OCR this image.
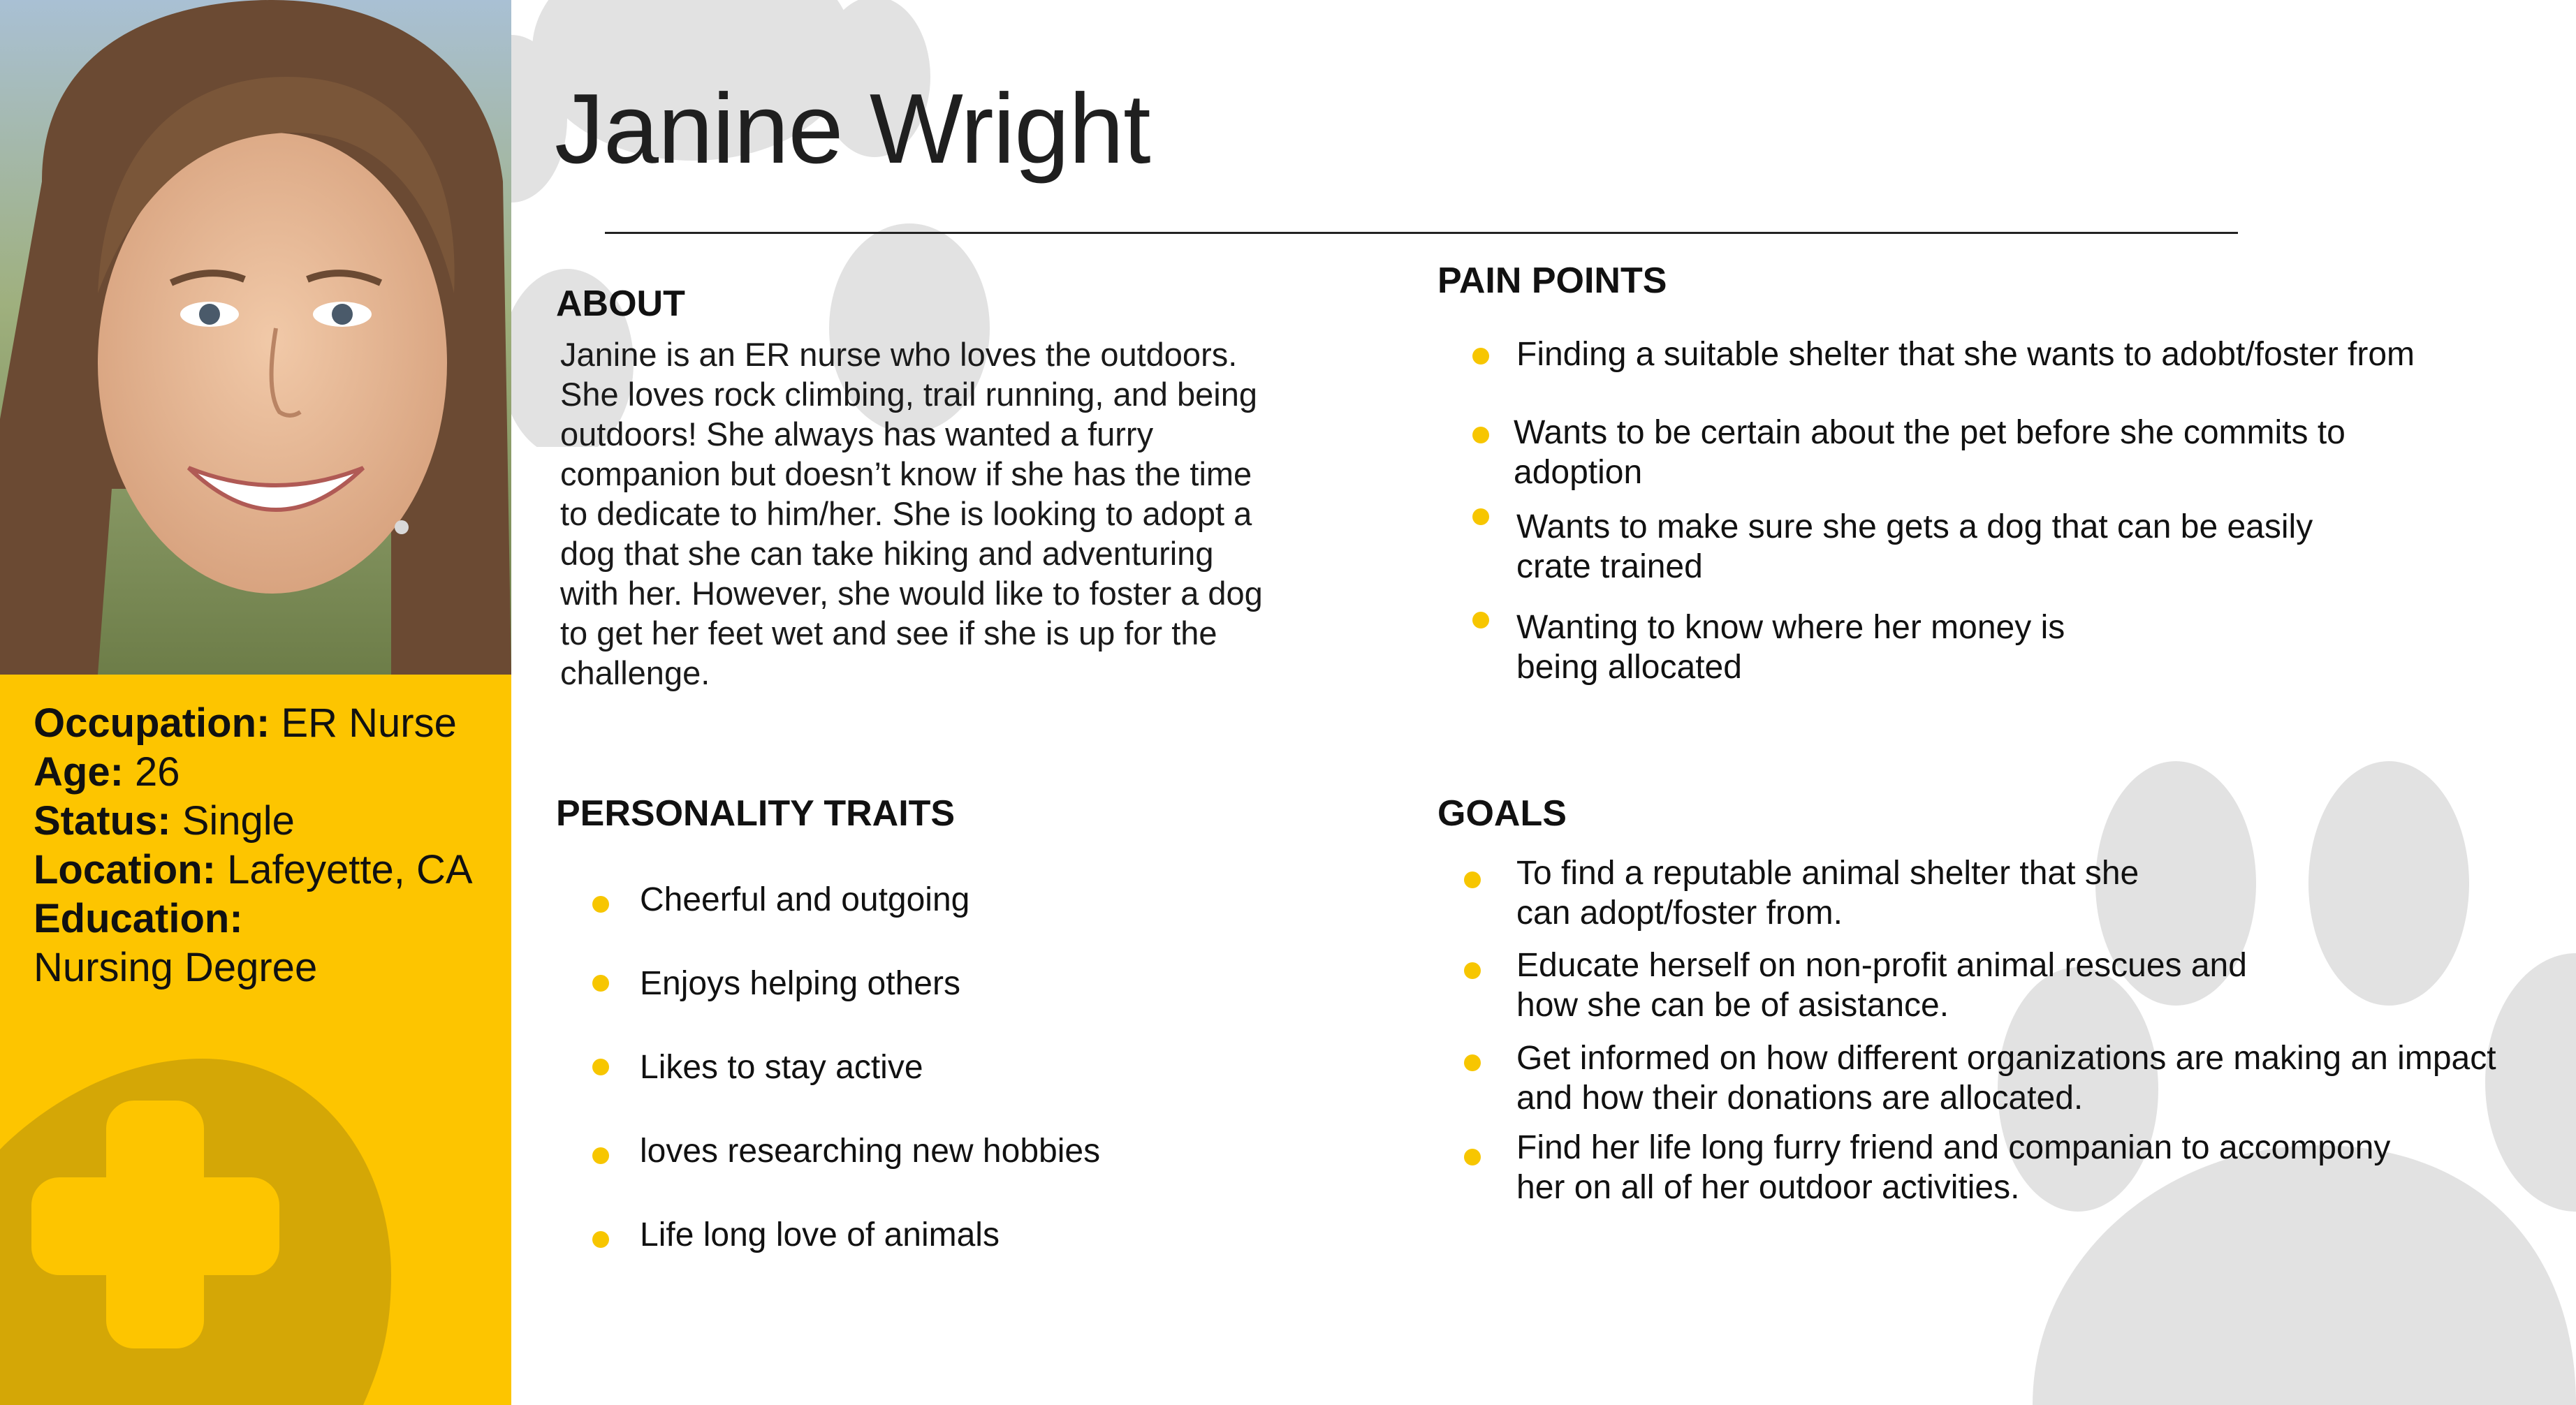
Occupation: ER Nurse
Age: 26
Status: Single
Location: Lafeyette, CA
Education:
Nursing Degree
Janine Wright
ABOUT
Janine is an ER nurse who loves the outdoors.
She loves rock climbing, trail running, and being
outdoors! She always has wanted a furry
companion but doesn’t know if she has the time
to dedicate to him/her. She is looking to adopt a
dog that she can take hiking and adventuring
with her. However, she would like to foster a dog
to get her feet wet and see if she is up for the
challenge.
PAIN POINTS
Finding a suitable shelter that she wants to adobt/foster from
Wants to be certain about the pet before she commits to
adoption
Wants to make sure she gets a dog that can be easily
crate trained
Wanting to know where her money is
being allocated
PERSONALITY TRAITS
Cheerful and outgoing
Enjoys helping others
Likes to stay active
loves researching new hobbies
Life long love of animals
GOALS
To find a reputable animal shelter that she
can adopt/foster from.
Educate herself on non-profit animal rescues and
how she can be of asistance.
Get informed on how different organizations are making an impact
and how their donations are allocated.
Find her life long furry friend and companian to accompony
her on all of her outdoor activities.
